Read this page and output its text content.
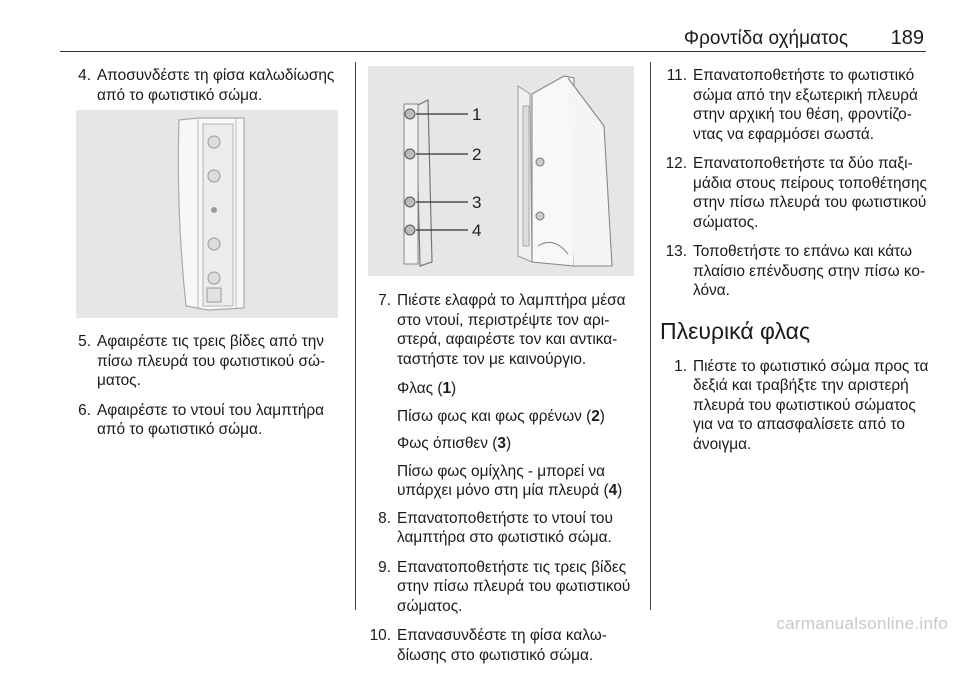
Φροντίδα οχήματος 189
4. Αποσυνδέστε τη φίσα καλωδίωσης από το φωτιστικό σώμα.
5. Αφαιρέστε τις τρεις βίδες από την πίσω πλευρά του φωτιστικού σώματος.
6. Αφαιρέστε το ντουί του λαμπτήρα από το φωτιστικό σώμα.
1
2
3
4
7. Πιέστε ελαφρά το λαμπτήρα μέσα στο ντουί, περιστρέψτε τον αριστερά, αφαιρέστε τον και αντικαταστήστε τον με καινούργιο.
Φλας (1)
Πίσω φως και φως φρένων (2)
Φως όπισθεν (3)
Πίσω φως ομίχλης - μπορεί να υπάρχει μόνο στη μία πλευρά (4)
8. Επανατοποθετήστε το ντουί του λαμπτήρα στο φωτιστικό σώμα.
9. Επανατοποθετήστε τις τρεις βίδες στην πίσω πλευρά του φωτιστικού σώματος.
10. Επανασυνδέστε τη φίσα καλωδίωσης στο φωτιστικό σώμα.
11. Επανατοποθετήστε το φωτιστικό σώμα από την εξωτερική πλευρά στην αρχική του θέση, φροντίζοντας να εφαρμόσει σωστά.
12. Επανατοποθετήστε τα δύο παξιμάδια στους πείρους τοποθέτησης στην πίσω πλευρά του φωτιστικού σώματος.
13. Τοποθετήστε το επάνω και κάτω πλαίσιο επένδυσης στην πίσω κολόνα.
Πλευρικά φλας
1. Πιέστε το φωτιστικό σώμα προς τα δεξιά και τραβήξτε την αριστερή πλευρά του φωτιστικού σώματος για να το απασφαλίσετε από το άνοιγμα.
carmanualsonline.info
